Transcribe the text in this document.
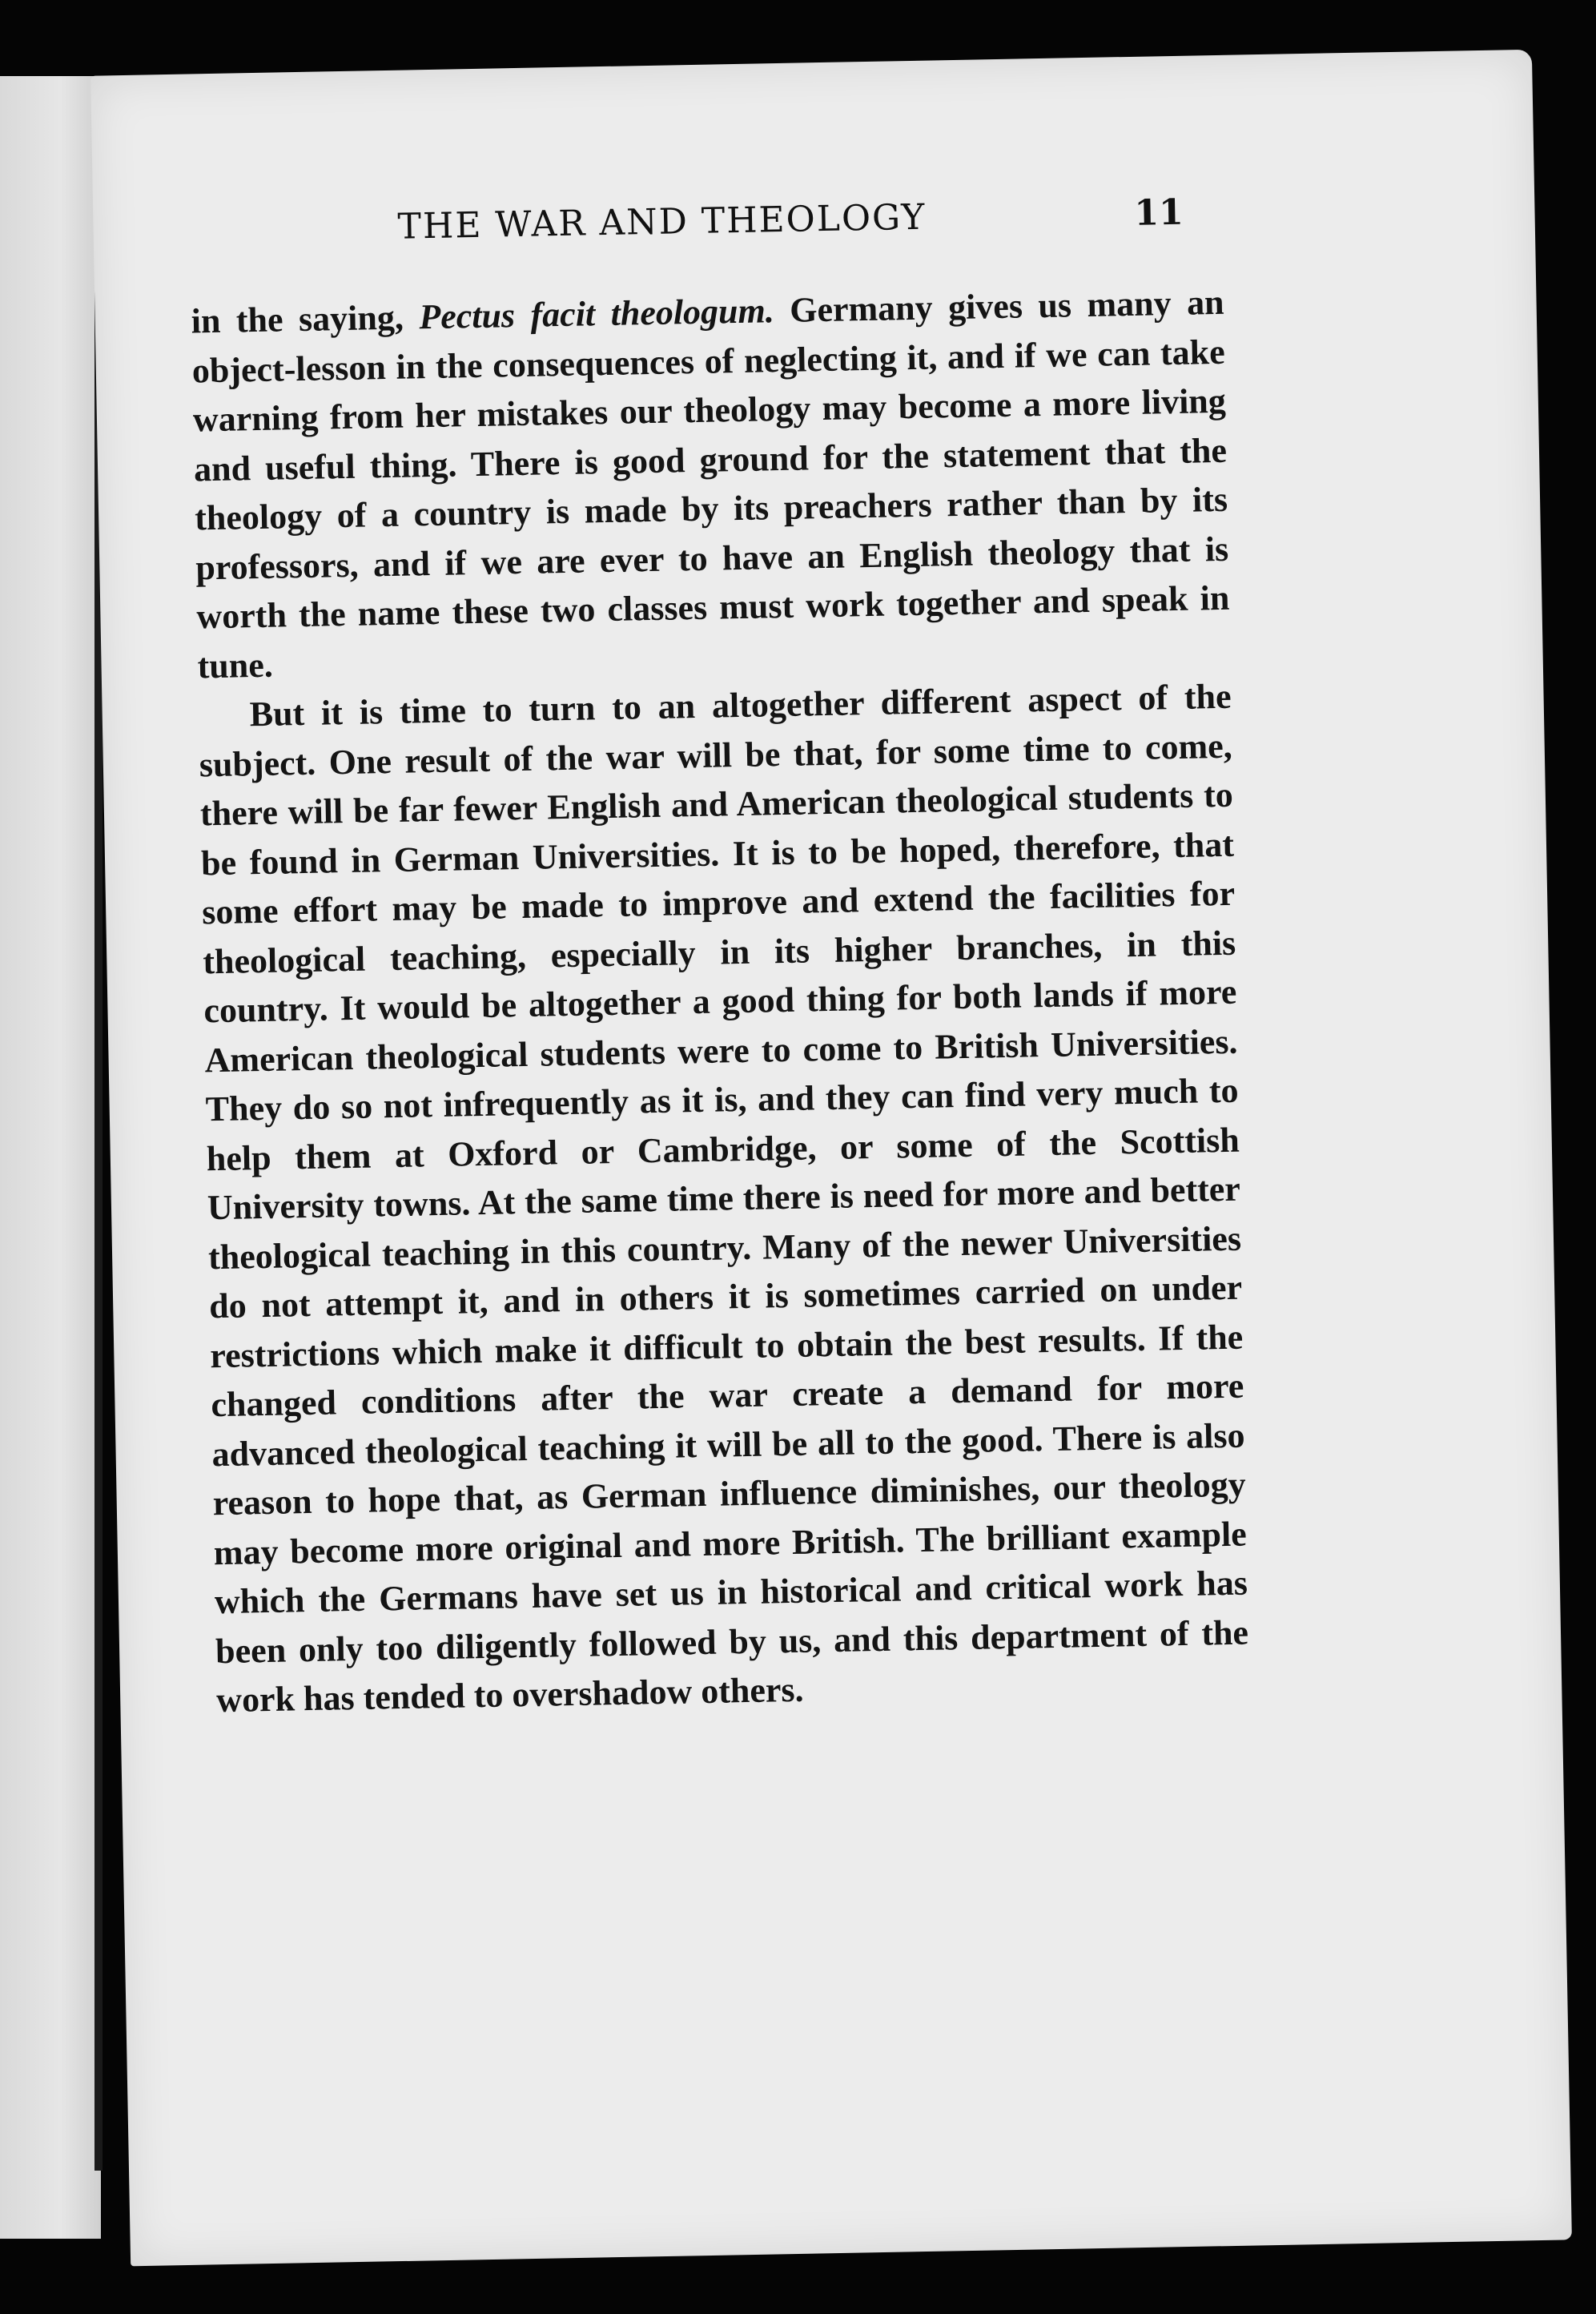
THE WAR AND THEOLOGY	11

in the saying, Pectus facit theologum. Germany gives us many an object-lesson in the consequences of neglecting it, and if we can take warning from her mistakes our theology may become a more living and useful thing. There is good ground for the statement that the theology of a country is made by its preachers rather than by its professors, and if we are ever to have an English theology that is worth the name these two classes must work together and speak in tune.

But it is time to turn to an altogether different aspect of the subject. One result of the war will be that, for some time to come, there will be far fewer English and American theological students to be found in German Universities. It is to be hoped, therefore, that some effort may be made to improve and extend the facilities for theological teaching, especially in its higher branches, in this country. It would be altogether a good thing for both lands if more American theological students were to come to British Universities. They do so not infrequently as it is, and they can find very much to help them at Oxford or Cambridge, or some of the Scottish University towns. At the same time there is need for more and better theological teaching in this country. Many of the newer Universities do not attempt it, and in others it is sometimes carried on under restrictions which make it difficult to obtain the best results. If the changed conditions after the war create a demand for more advanced theological teaching it will be all to the good. There is also reason to hope that, as German influence diminishes, our theology may become more original and more British. The brilliant example which the Germans have set us in historical and critical work has been only too diligently followed by us, and this department of the work has tended to overshadow others.
